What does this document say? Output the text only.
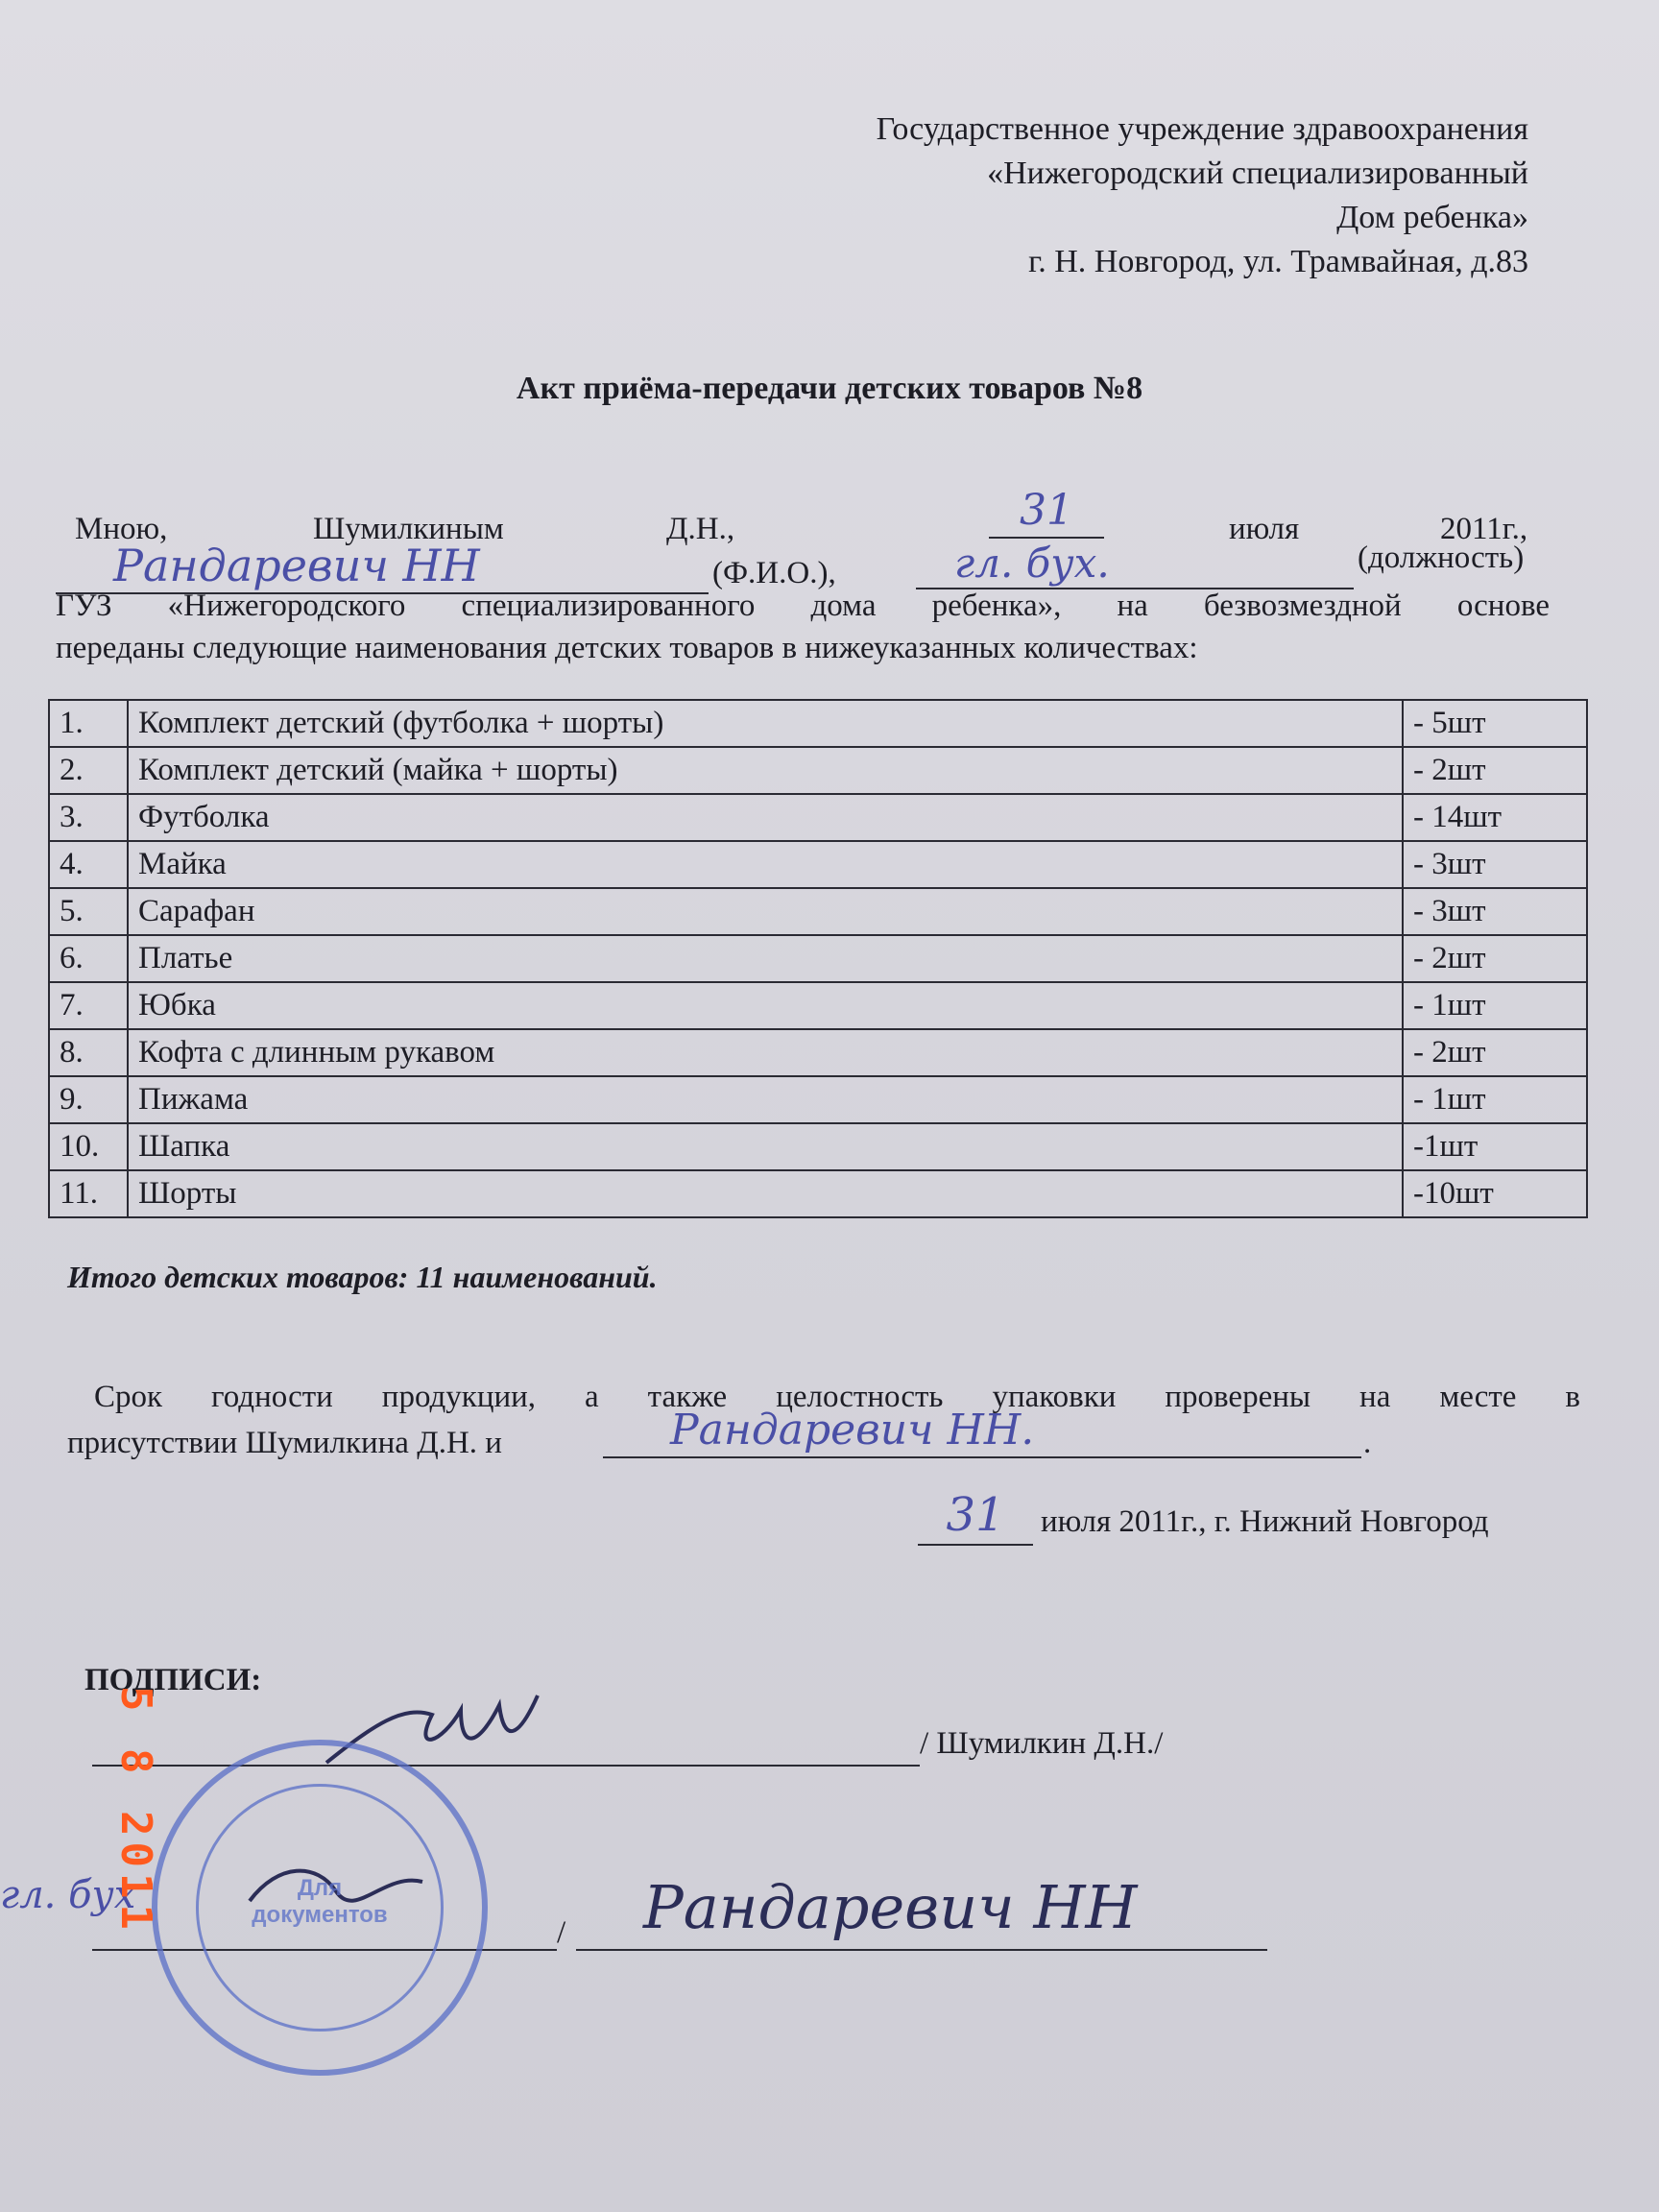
Государственное учреждение здравоохранения
«Нижегородский специализированный
Дом ребенка»
г. Н. Новгород, ул. Трамвайная, д.83
Акт приёма-передачи детских товаров №8
Мною,	Шумилкиным	Д.Н.,	31	июля	2011г.,
Рандаревич НН	(Ф.И.О.),	гл. бух.	(должность)
ГУЗ «Нижегородского специализированного дома ребенка», на безвозмездной основе
переданы следующие наименования детских товаров в нижеуказанных количествах:
1.	Комплект детский (футболка + шорты)	- 5шт
2.	Комплект детский (майка + шорты)	- 2шт
3.	Футболка	- 14шт
4.	Майка	- 3шт
5.	Сарафан	- 3шт
6.	Платье	- 2шт
7.	Юбка	- 1шт
8.	Кофта с длинным рукавом	- 2шт
9.	Пижама	- 1шт
10.	Шапка	-1шт
11.	Шорты	-10шт
Итого детских товаров: 11 наименований.
Срок годности продукции, а также целостность упаковки проверены на месте в
присутствии Шумилкина Д.Н. и	Рандаревич НН.	.
31	июля 2011г., г. Нижний Новгород
ПОДПИСИ:
/ Шумилкин Д.Н./
гл. бух
/ Рандаревич НН
Для
документов
5 8 2011
